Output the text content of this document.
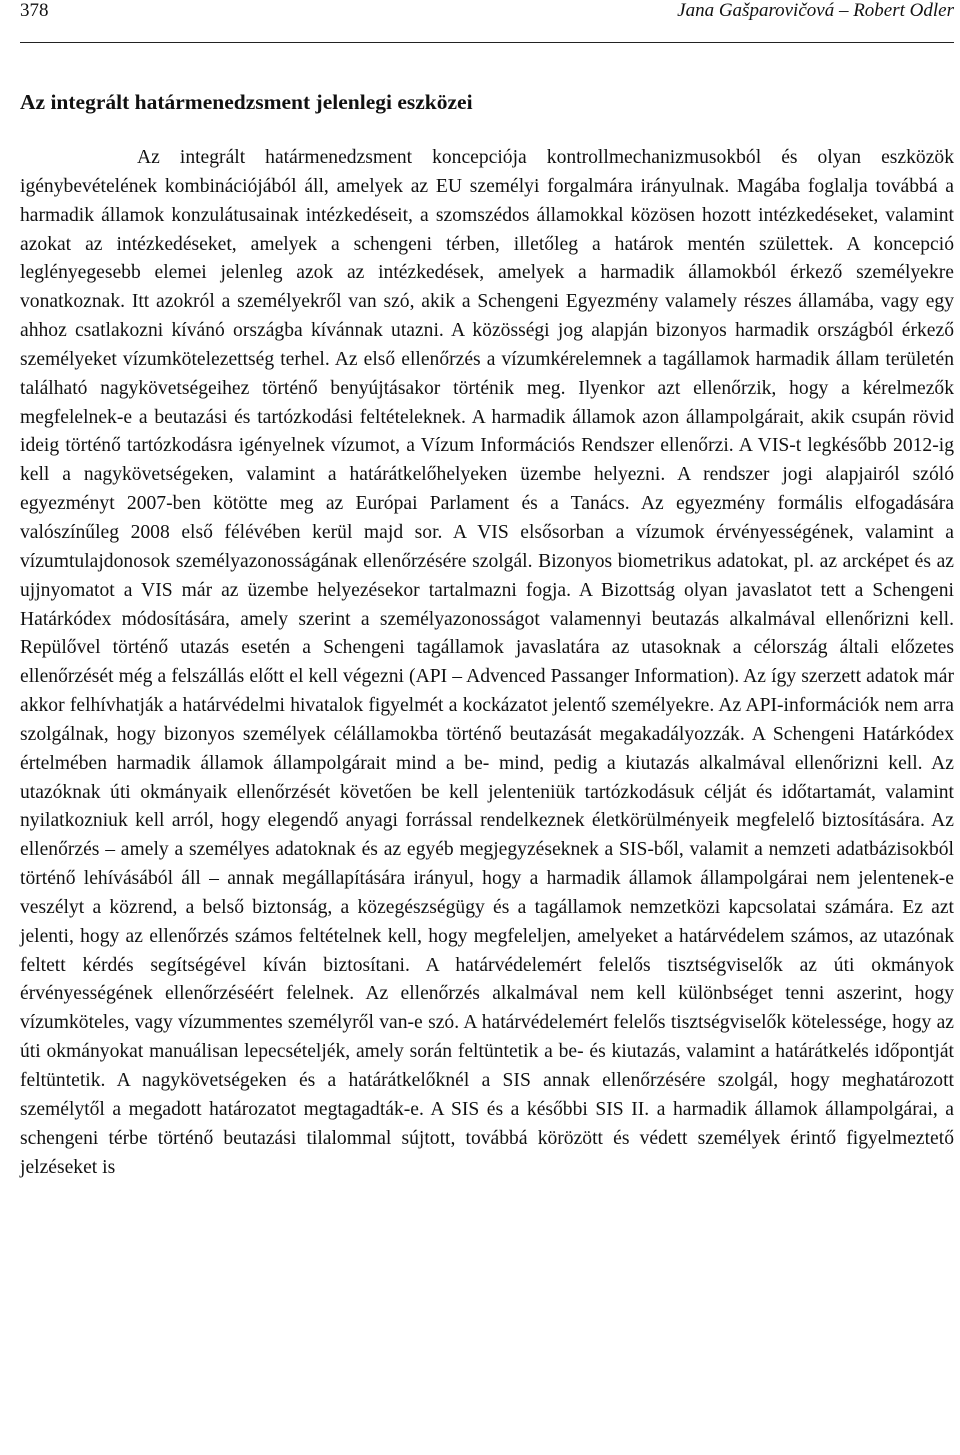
378	Jana Gašparovičová – Robert Odler
Az integrált határmenedzsment jelenlegi eszközei

Az integrált határmenedzsment koncepciója kontrollmechanizmusokból és olyan eszközök igénybevételének kombinációjából áll, amelyek az EU személyi forgalmára irányulnak. Magába foglalja továbbá a harmadik államok konzulátusainak intézkedéseit, a szomszédos államokkal közösen hozott intézkedéseket, valamint azokat az intézkedéseket, amelyek a schengeni térben, illetőleg a határok mentén születtek. A koncepció leglényegesebb elemei jelenleg azok az intézkedések, amelyek a harmadik államokból érkező személyekre vonatkoznak. Itt azokról a személyekről van szó, akik a Schengeni Egyezmény valamely részes államába, vagy egy ahhoz csatlakozni kívánó országba kívánnak utazni. A közösségi jog alapján bizonyos harmadik országból érkező személyeket vízumkötelezettség terhel. Az első ellenőrzés a vízumkérelemnek a tagállamok harmadik állam területén található nagykövetségeihez történő benyújtásakor történik meg. Ilyenkor azt ellenőrzik, hogy a kérelmezők megfelelnek-e a beutazási és tartózkodási feltételeknek. A harmadik államok azon állampolgárait, akik csupán rövid ideig történő tartózkodásra igényelnek vízumot, a Vízum Információs Rendszer ellenőrzi. A VIS-t legkésőbb 2012-ig kell a nagykövetségeken, valamint a határátkelőhelyeken üzembe helyezni. A rendszer jogi alapjairól szóló egyezményt 2007-ben kötötte meg az Európai Parlament és a Tanács. Az egyezmény formális elfogadására valószínűleg 2008 első félévében kerül majd sor. A VIS elsősorban a vízumok érvényességének, valamint a vízumtulajdonosok személyazonosságának ellenőrzésére szolgál. Bizonyos biometrikus adatokat, pl. az arcképet és az ujjnyomatot a VIS már az üzembe helyezésekor tartalmazni fogja. A Bizottság olyan javaslatot tett a Schengeni Határkódex módosítására, amely szerint a személyazonosságot valamennyi beutazás alkalmával ellenőrizni kell. Repülővel történő utazás esetén a Schengeni tagállamok javaslatára az utasoknak a célország általi előzetes ellenőrzését még a felszállás előtt el kell végezni (API – Advenced Passanger Information). Az így szerzett adatok már akkor felhívhatják a határvédelmi hivatalok figyelmét a kockázatot jelentő személyekre. Az API-információk nem arra szolgálnak, hogy bizonyos személyek célállamokba történő beutazását megakadályozzák. A Schengeni Határkódex értelmében harmadik államok állampolgárait mind a be- mind, pedig a kiutazás alkalmával ellenőrizni kell. Az utazóknak úti okmányaik ellenőrzését követően be kell jelenteniük tartózkodásuk célját és időtartamát, valamint nyilatkozniuk kell arról, hogy elegendő anyagi forrással rendelkeznek életkörülményeik megfelelő biztosítására. Az ellenőrzés – amely a személyes adatoknak és az egyéb megjegyzéseknek a SIS-ből, valamit a nemzeti adatbázisokból történő lehívásából áll – annak megállapítására irányul, hogy a harmadik államok állampolgárai nem jelentenek-e veszélyt a közrend, a belső biztonság, a közegészségügy és a tagállamok nemzetközi kapcsolatai számára. Ez azt jelenti, hogy az ellenőrzés számos feltételnek kell, hogy megfeleljen, amelyeket a határvédelem számos, az utazónak feltett kérdés segítségével kíván biztosítani. A határvédelemért felelős tisztségviselők az úti okmányok érvényességének ellenőrzéséért felelnek. Az ellenőrzés alkalmával nem kell különbséget tenni aszerint, hogy vízumköteles, vagy vízummentes személyről van-e szó. A határvédelemért felelős tisztségviselők kötelessége, hogy az úti okmányokat manuálisan lepecsételjék, amely során feltüntetik a be- és kiutazás, valamint a határátkelés időpontját feltüntetik. A nagykövetségeken és a határátkelőknél a SIS annak ellenőrzésére szolgál, hogy meghatározott személytől a megadott határozatot megtagadták-e. A SIS és a későbbi SIS II. a harmadik államok állampolgárai, a schengeni térbe történő beutazási tilalommal sújtott, továbbá körözött és védett személyek érintő figyelmeztető jelzéseket is
